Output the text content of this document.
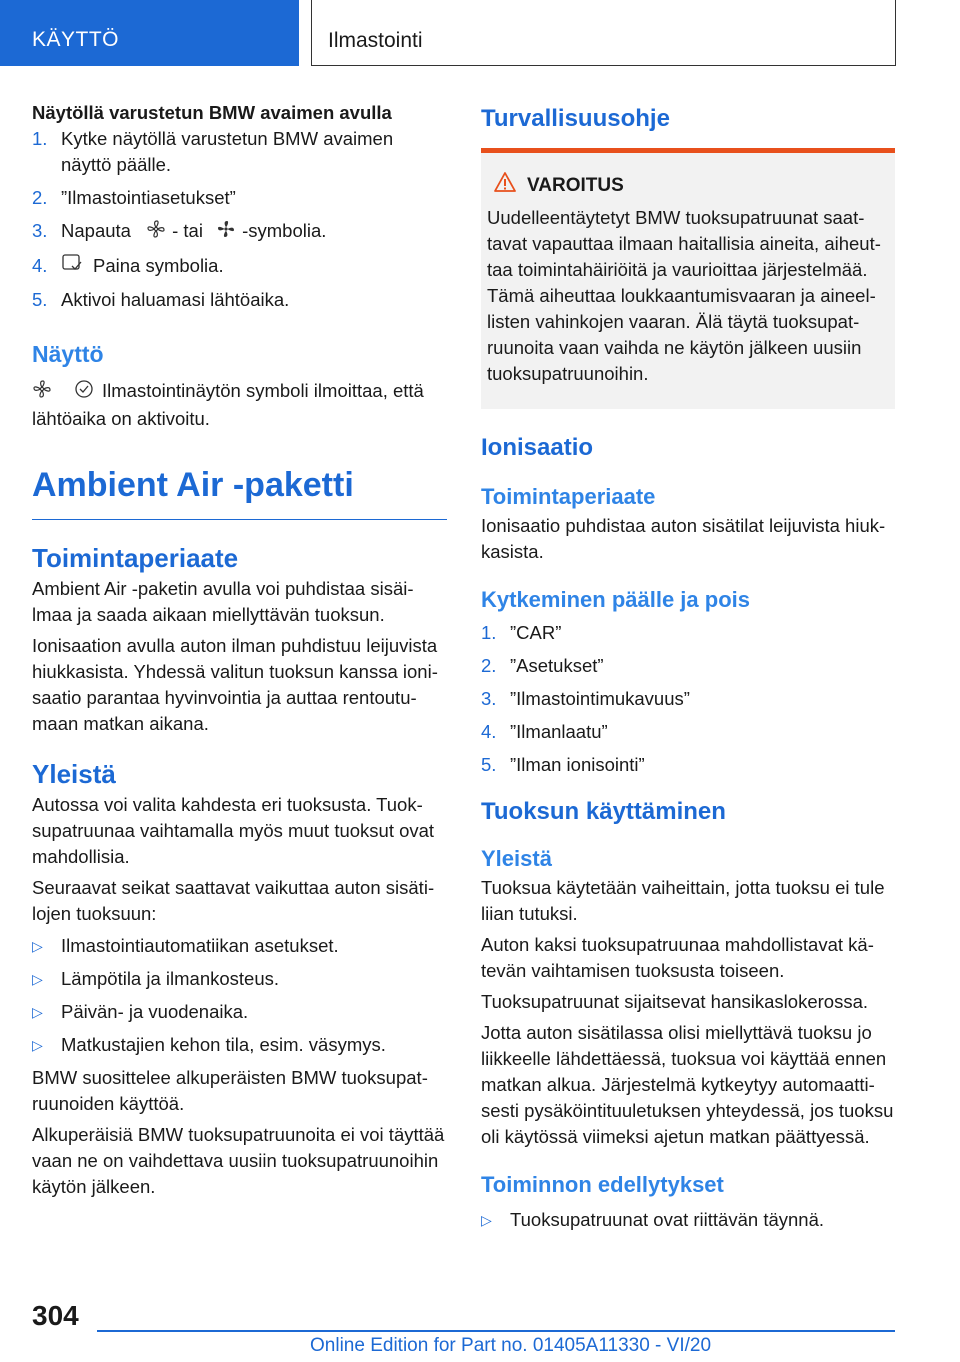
KÄYTTÖ	Ilmastointi

Näytöllä varustetun BMW avaimen avulla

1. Kytke näytöllä varustetun BMW avaimen näyttö päälle.
2. ”Ilmastointiasetukset”
3. Napauta - tai -symbolia.
4. Paina symbolia.
5. Aktivoi haluamasi lähtöaika.

Näyttö

Ilmastointinäytön symboli ilmoittaa, että lähtöaika on aktivoitu.

Ambient Air -paketti

Toimintaperiaate

Ambient Air -paketin avulla voi puhdistaa sisäilmaa ja saada aikaan miellyttävän tuoksun.

Ionisaation avulla auton ilman puhdistuu leijuvista hiukkasista. Yhdessä valitun tuoksun kanssa ionisaatio parantaa hyvinvointia ja auttaa rentoutumaan matkan aikana.

Yleistä

Autossa voi valita kahdesta eri tuoksusta. Tuoksupatruunaa vaihtamalla myös muut tuoksut ovat mahdollisia.

Seuraavat seikat saattavat vaikuttaa auton sisätilojen tuoksuun:

▷ Ilmastointiautomatiikan asetukset.
▷ Lämpötila ja ilmankosteus.
▷ Päivän- ja vuodenaika.
▷ Matkustajien kehon tila, esim. väsymys.

BMW suosittelee alkuperäisten BMW tuoksupatruunoiden käyttöä.

Alkuperäisiä BMW tuoksupatruunoita ei voi täyttää vaan ne on vaihdettava uusiin tuoksupatruunoihin käytön jälkeen.

Turvallisuusohje

VAROITUS

Uudelleentäytetyt BMW tuoksupatruunat saattavat vapauttaa ilmaan haitallisia aineita, aiheuttaa toimintahäiriöitä ja vaurioittaa järjestelmää. Tämä aiheuttaa loukkaantumisvaaran ja aineellisten vahinkojen vaaran. Älä täytä tuoksupatruunoita vaan vaihda ne käytön jälkeen uusiin tuoksupatruunoihin.

Ionisaatio

Toimintaperiaate

Ionisaatio puhdistaa auton sisätilat leijuvista hiukkasista.

Kytkeminen päälle ja pois

1. ”CAR”
2. ”Asetukset”
3. ”Ilmastointimukavuus”
4. ”Ilmanlaatu”
5. ”Ilman ionisointi”

Tuoksun käyttäminen

Yleistä

Tuoksua käytetään vaiheittain, jotta tuoksu ei tule liian tutuksi.

Auton kaksi tuoksupatruunaa mahdollistavat kätevän vaihtamisen tuoksusta toiseen.

Tuoksupatruunat sijaitsevat hansikaslokerossa.

Jotta auton sisätilassa olisi miellyttävä tuoksu jo liikkeelle lähdettäessä, tuoksua voi käyttää ennen matkan alkua. Järjestelmä kytkeytyy automaattisesti pysäköintituuletuksen yhteydessä, jos tuoksu oli käytössä viimeksi ajetun matkan päättyessä.

Toiminnon edellytykset

▷ Tuoksupatruunat ovat riittävän täynnä.
304
Online Edition for Part no. 01405A11330 - VI/20
